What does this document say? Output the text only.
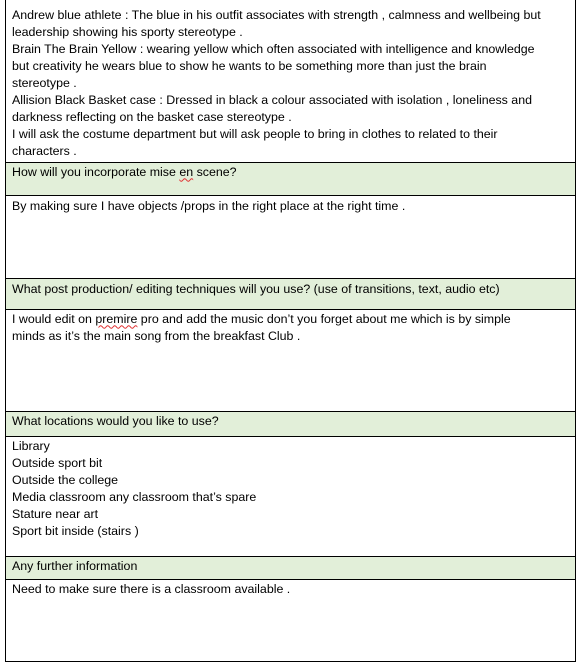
Andrew blue athlete : The blue in his outfit associates with strength , calmness and wellbeing but
leadership showing his sporty stereotype .
Brain The Brain Yellow : wearing yellow which often associated with intelligence and knowledge
but creativity he wears blue to show he wants to be something more than just the brain
stereotype .
Allision Black Basket case : Dressed in black a colour associated with isolation , loneliness and
darkness reflecting on the basket case stereotype .
I will ask the costume department but will ask people to bring in clothes to related to their
characters .

How will you incorporate mise en scene?

By making sure I have objects /props in the right place at the right time .

What post production/ editing techniques will you use? (use of transitions, text, audio etc)

I would edit on premire pro and add the music don’t you forget about me which is by simple
minds as it’s the main song from the breakfast Club .

What locations would you like to use?

Library
Outside sport bit
Outside the college
Media classroom any classroom that’s spare
Stature near art
Sport bit inside (stairs )

Any further information

Need to make sure there is a classroom available .
